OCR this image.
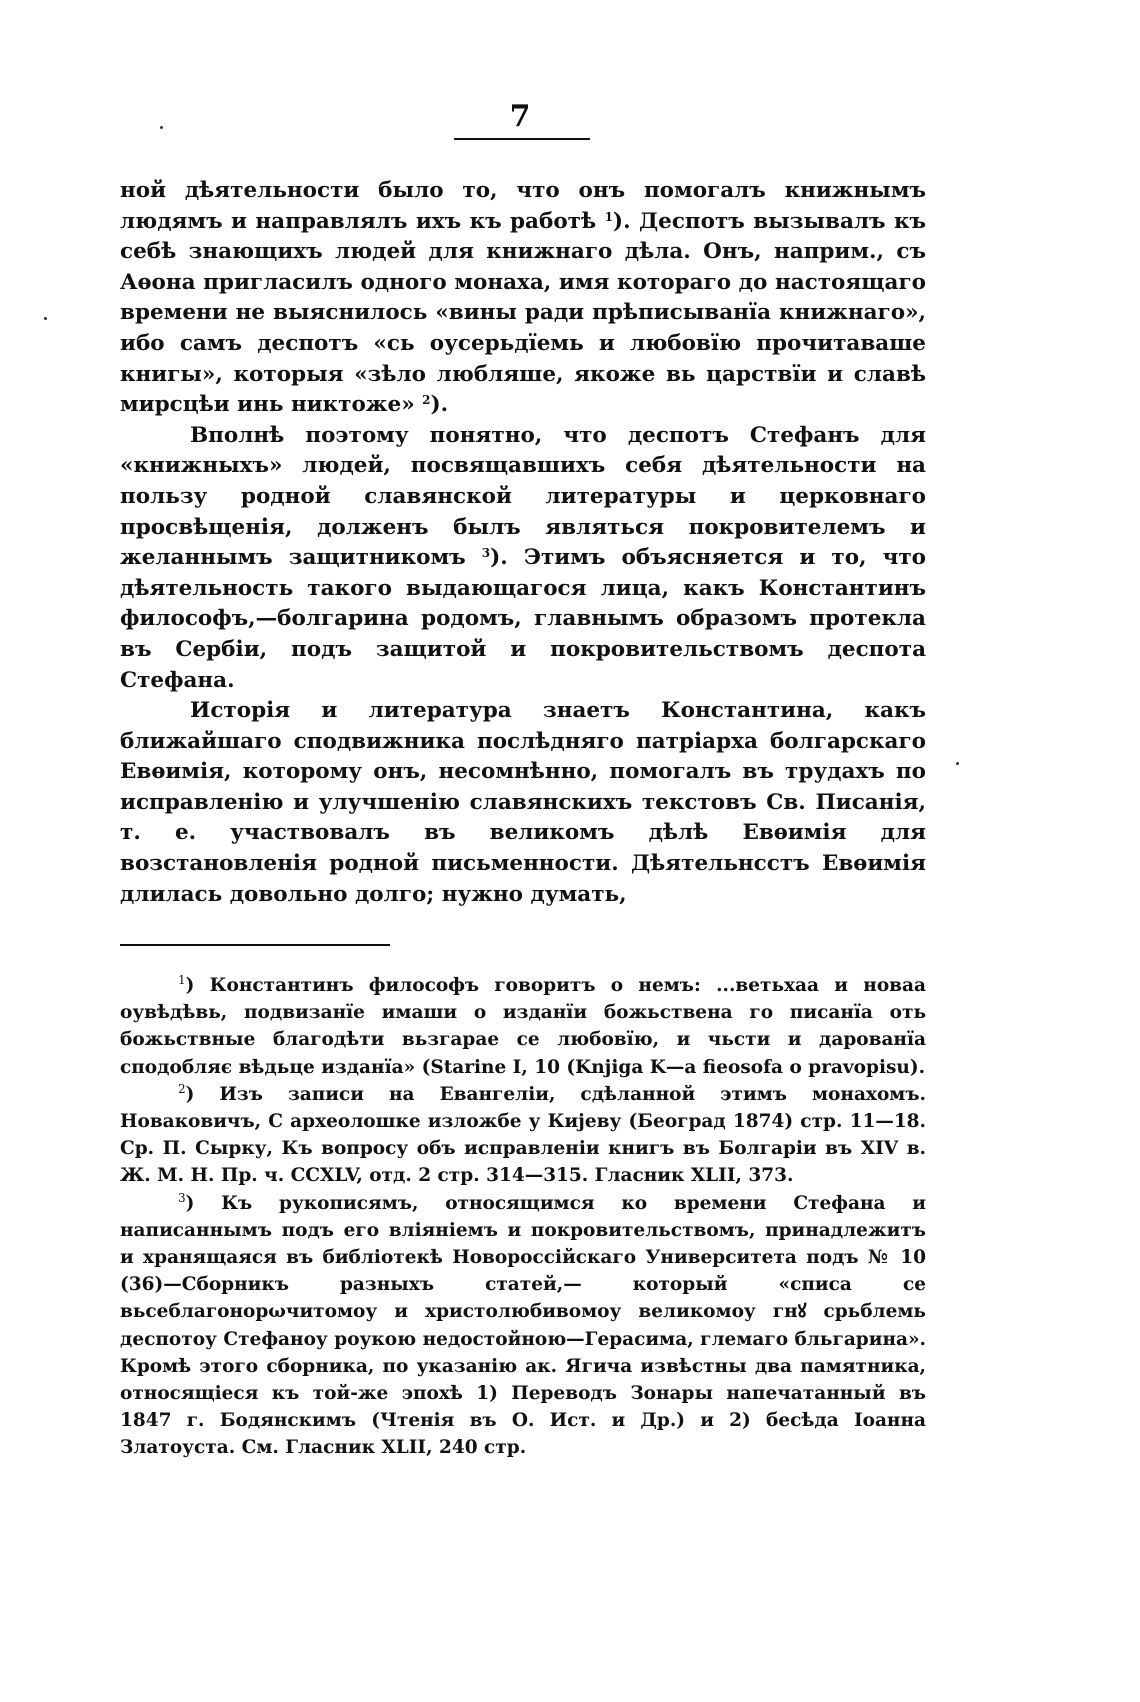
7

ной дѣятельности было то, что онъ помогалъ книжнымъ людямъ и направлялъ ихъ къ работѣ $^1$). Деспотъ вызывалъ къ себѣ знающихъ людей для книжнаго дѣла. Онъ, наприм., съ Аѳона пригласилъ одного монаха, имя котораго до настоящаго времени не выяснилось «вины ради прѣписыванїа книжнаго», ибо самъ деспотъ «сь оусерьдїемь и любовїю прочитаваше книгы», которыя «зѣло любляше, якоже вь царствїи и славѣ мирсцѣи инь никтоже» $^2$).

Вполнѣ поэтому понятно, что деспотъ Стефанъ для «книжныхъ» людей, посвящавшихъ себя дѣятельности на пользу родной славянской литературы и церковнаго просвѣщенія, долженъ былъ являться покровителемъ и желаннымъ защитникомъ $^3$). Этимъ объясняется и то, что дѣятельность такого выдающагося лица, какъ Константинъ философъ,—болгарина родомъ, главнымъ образомъ протекла въ Сербіи, подъ защитой и покровительствомъ деспота Стефана.

Исторія и литература знаетъ Константина, какъ ближайшаго сподвижника послѣдняго патріарха болгарскаго Евѳимія, которому онъ, несомнѣнно, помогалъ въ трудахъ по исправленію и улучшенію славянскихъ текстовъ Св. Писанія, т. е. участвовалъ въ великомъ дѣлѣ Евѳимія для возстановленія родной письменности. Дѣятельнсстъ Евѳимія длилась довольно долго; нужно думать,

$^1$) Константинъ философъ говоритъ о немъ: ...ветьхаа и новаа оувѣдѣвь, подвизанїе имаши о изданїи божьствена го писанїа оть божьствные благодѣти вьзгарае се любовїю, и чьсти и дарованїа сподобляє вѣдьце изданїа» (Starine I, 10 (Knjiga K—a fieosofa o pravopisu).

$^2$) Изъ записи на Евангеліи, сдѣланной этимъ монахомъ. Новаковичъ, С археолошке изложбе у Киjеву (Београд 1874) стр. 11—18. Ср. П. Сырку, Къ вопросу объ исправленіи книгъ въ Болгаріи въ XIV в. Ж. М. Н. Пр. ч. CCXLV, отд. 2 стр. 314—315. Гласник XLII, 373.

$^3$) Къ рукописямъ, относящимся ко времени Стефана и написаннымъ подъ его вліяніемъ и покровительствомъ, принадлежитъ и хранящаяся въ библіотекѣ Новороссійскаго Университета подъ № 10 (36)—Сборникъ разныхъ статей,— который «списа се вьсеблагонорωчитомоу и христолюбивомоу великомоу гнꙋ срьблемь деспотоу Стефаноу роукою недостойною—Герасима, глемаго бльгарина». Кромѣ этого сборника, по указанію ак. Ягича извѣстны два памятника, относящіеся къ той-же эпохѣ 1) Переводъ Зонары напечатанный въ 1847 г. Бодянскимъ (Чтенія въ О. Ист. и Др.) и 2) бесѣда Іоанна Златоуста. См. Гласник XLII, 240 стр.
